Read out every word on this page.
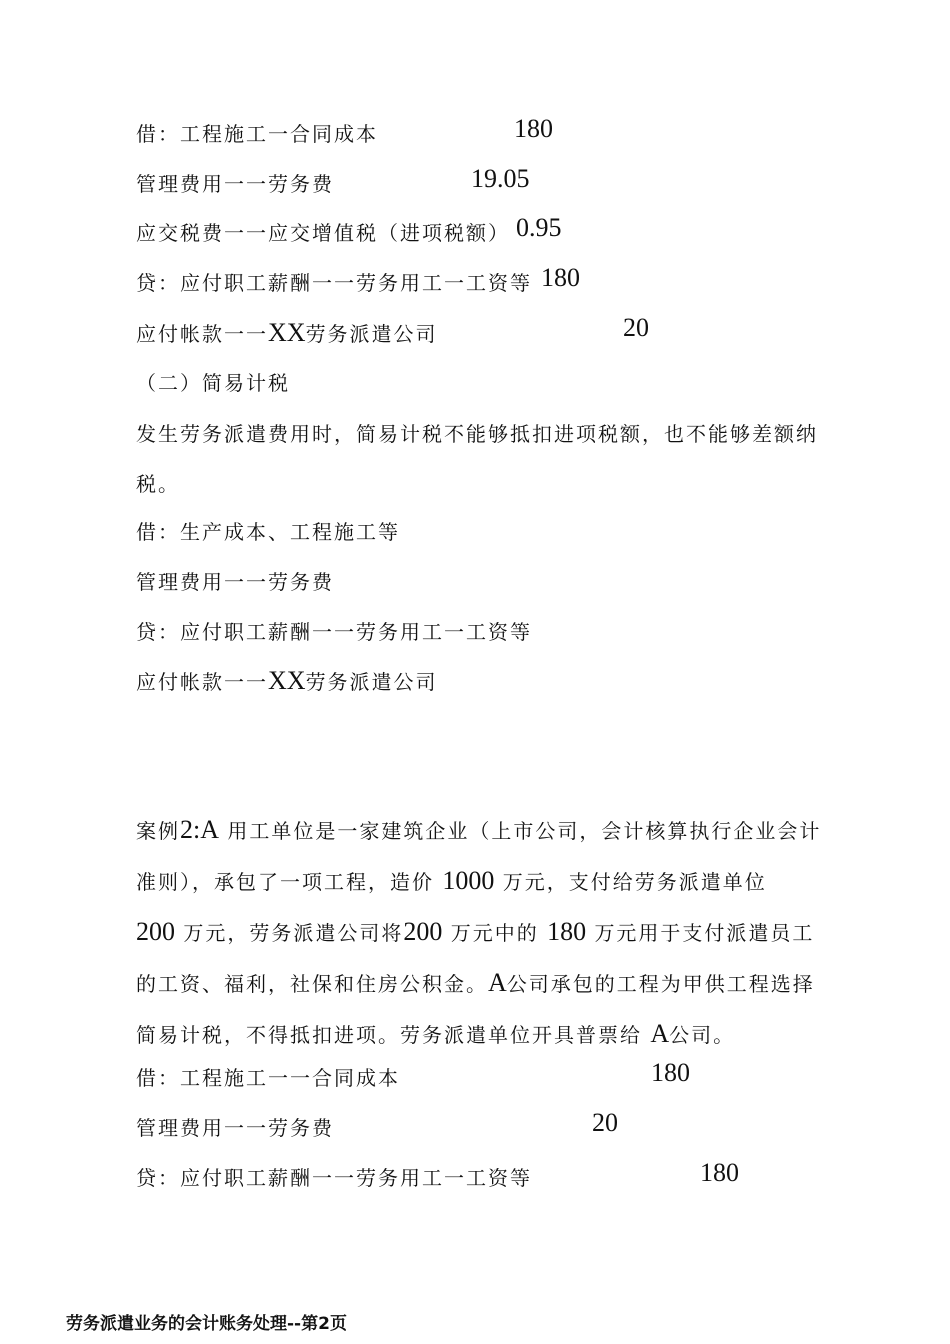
借：工程施工一合同成本	180
管理费用一一劳务费	19.05
应交税费一一应交增值税（进项税额） 0.95
贷：应付职工薪酬一一劳务用工一工资等 180
应付帐款一一XX劳务派遣公司	20
（二）简易计税
发生劳务派遣费用时，简易计税不能够抵扣进项税额，也不能够差额纳税。
借：生产成本、工程施工等
管理费用一一劳务费
贷：应付职工薪酬一一劳务用工一工资等
应付帐款一一XX劳务派遣公司
案例2:A 用工单位是一家建筑企业（上市公司，会计核算执行企业会计准则），承包了一项工程，造价 1000 万元，支付给劳务派遣单位
200 万元，劳务派遣公司将200 万元中的 180 万元用于支付派遣员工的工资、福利，社保和住房公积金。A公司承包的工程为甲供工程选择简易计税，不得抵扣进项。劳务派遣单位开具普票给 A公司。
借：工程施工一一合同成本	180
管理费用一一劳务费	20
贷：应付职工薪酬一一劳务用工一工资等	180
劳务派遣业务的会计账务处理--第2页
